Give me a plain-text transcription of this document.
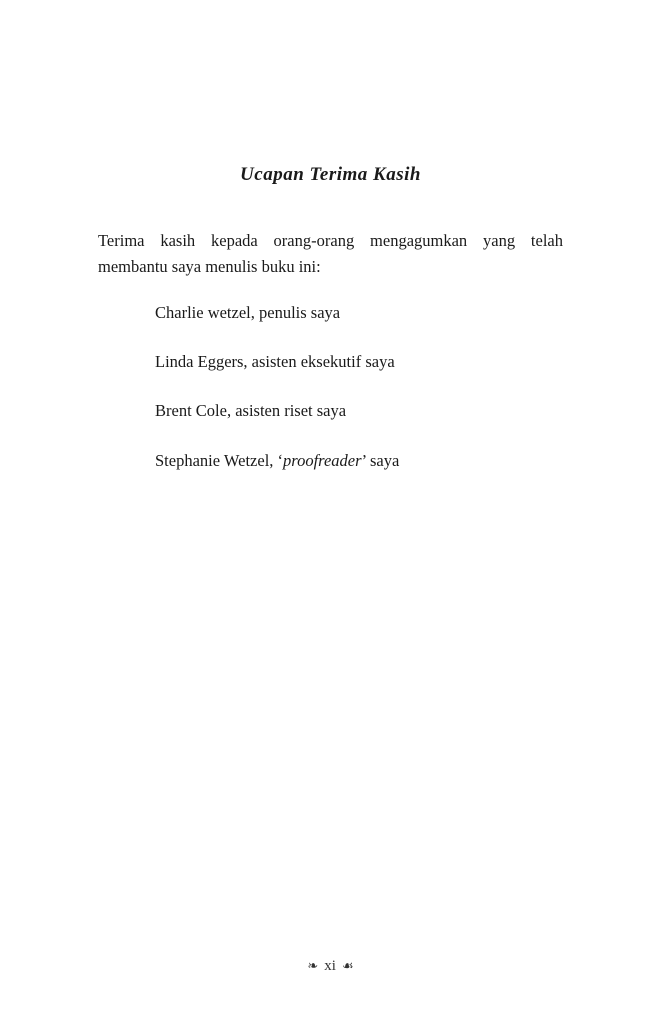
Ucapan Terima Kasih
Terima kasih kepada orang-orang mengagumkan yang telah membantu saya menulis buku ini:
Charlie wetzel, penulis saya
Linda Eggers, asisten eksekutif saya
Brent Cole, asisten riset saya
Stephanie Wetzel, ‘proofreader’ saya
❧ xi ☙
